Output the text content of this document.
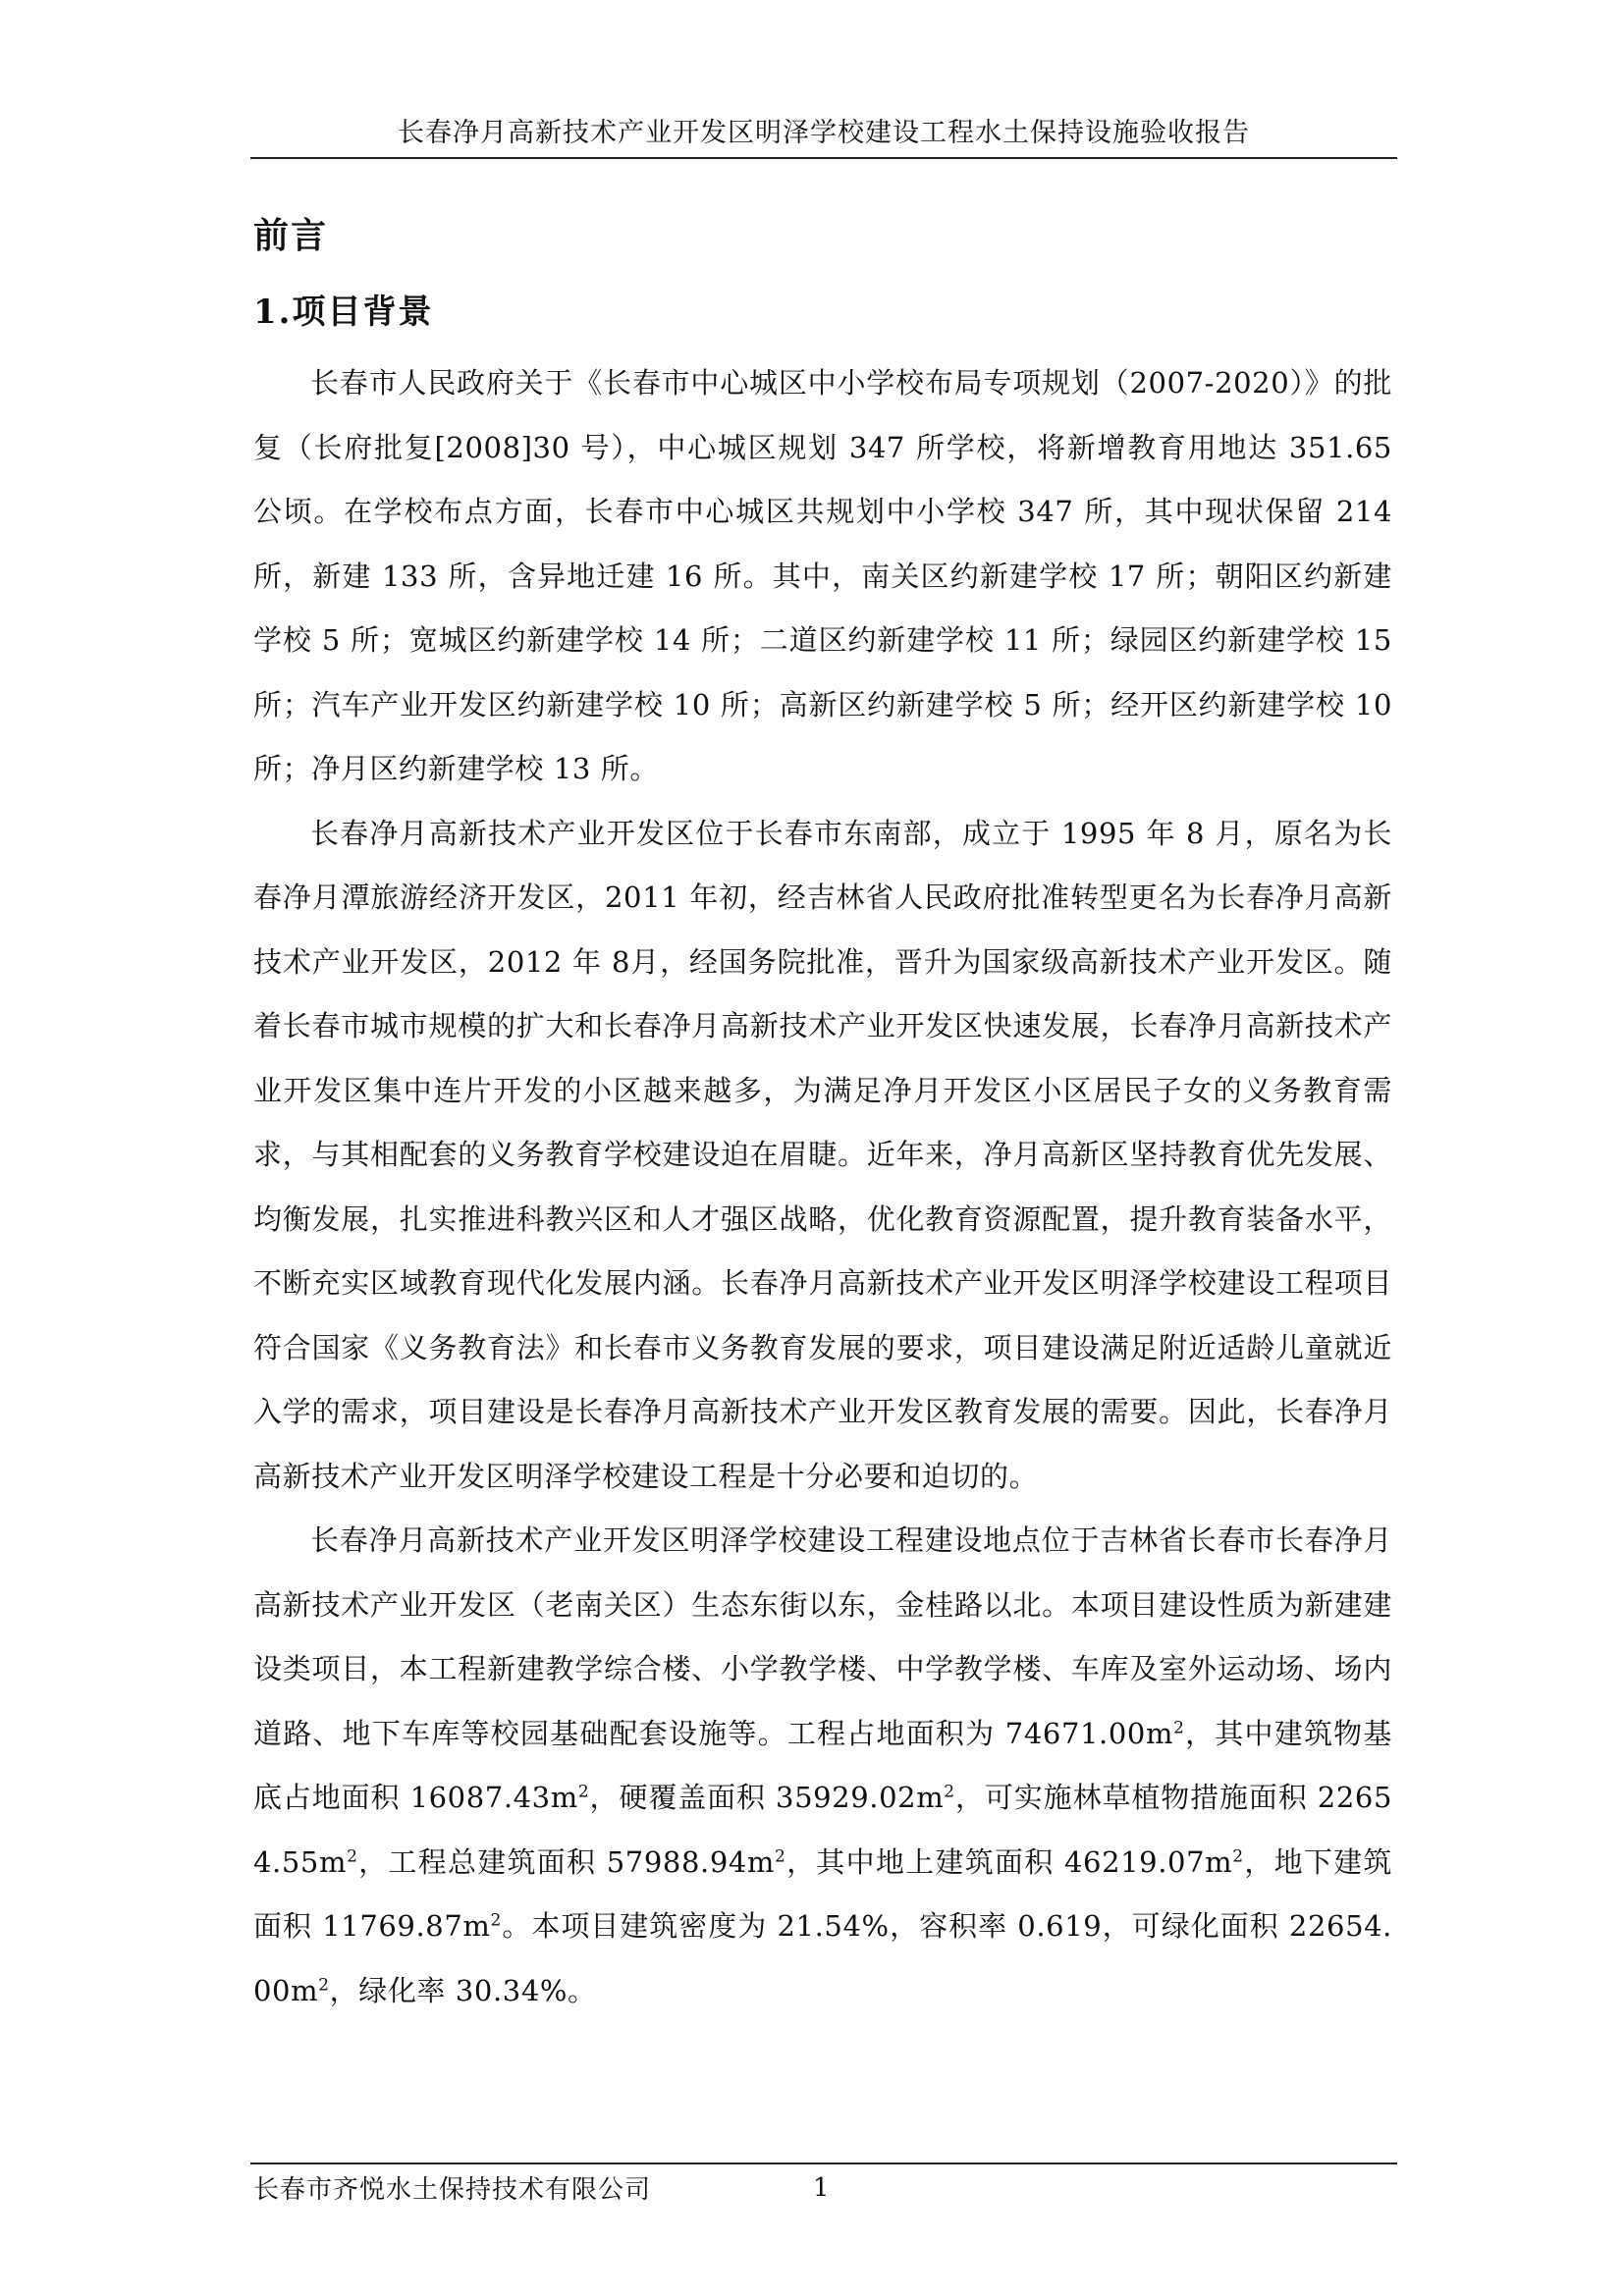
长春净月高新技术产业开发区明泽学校建设工程水土保持设施验收报告
前言
1.项目背景

长春市人民政府关于《长春市中心城区中小学校布局专项规划（2007-2020）》的批复（长府批复[2008]30 号），中心城区规划 347 所学校，将新增教育用地达 351.65 公顷。在学校布点方面，长春市中心城区共规划中小学校 347 所，其中现状保留 214 所，新建 133 所，含异地迁建 16 所。其中，南关区约新建学校 17 所；朝阳区约新建学校 5 所；宽城区约新建学校 14 所；二道区约新建学校 11 所；绿园区约新建学校 15 所；汽车产业开发区约新建学校 10 所；高新区约新建学校 5 所；经开区约新建学校 10 所；净月区约新建学校 13 所。

长春净月高新技术产业开发区位于长春市东南部，成立于 1995 年 8 月，原名为长春净月潭旅游经济开发区，2011 年初，经吉林省人民政府批准转型更名为长春净月高新技术产业开发区，2012 年 8月，经国务院批准，晋升为国家级高新技术产业开发区。随着长春市城市规模的扩大和长春净月高新技术产业开发区快速发展，长春净月高新技术产业开发区集中连片开发的小区越来越多，为满足净月开发区小区居民子女的义务教育需求，与其相配套的义务教育学校建设迫在眉睫。近年来，净月高新区坚持教育优先发展、均衡发展，扎实推进科教兴区和人才强区战略，优化教育资源配置，提升教育装备水平，不断充实区域教育现代化发展内涵。长春净月高新技术产业开发区明泽学校建设工程项目符合国家《义务教育法》和长春市义务教育发展的要求，项目建设满足附近适龄儿童就近入学的需求，项目建设是长春净月高新技术产业开发区教育发展的需要。因此，长春净月高新技术产业开发区明泽学校建设工程是十分必要和迫切的。

长春净月高新技术产业开发区明泽学校建设工程建设地点位于吉林省长春市长春净月高新技术产业开发区（老南关区）生态东街以东，金桂路以北。本项目建设性质为新建建设类项目，本工程新建教学综合楼、小学教学楼、中学教学楼、车库及室外运动场、场内道路、地下车库等校园基础配套设施等。工程占地面积为 $74671.00m^2$，其中建筑物基底占地面积 $16087.43m^2$，硬覆盖面积 $35929.02m^2$，可实施林草植物措施面积 $22654.55m^2$，工程总建筑面积 $57988.94m^2$，其中地上建筑面积 $46219.07m^2$，地下建筑面积 $11769.87m^2$。本项目建筑密度为 21.54%，容积率 0.619，可绿化面积 $22654.00m^2$，绿化率 30.34%。

长春市齐悦水土保持技术有限公司	1
